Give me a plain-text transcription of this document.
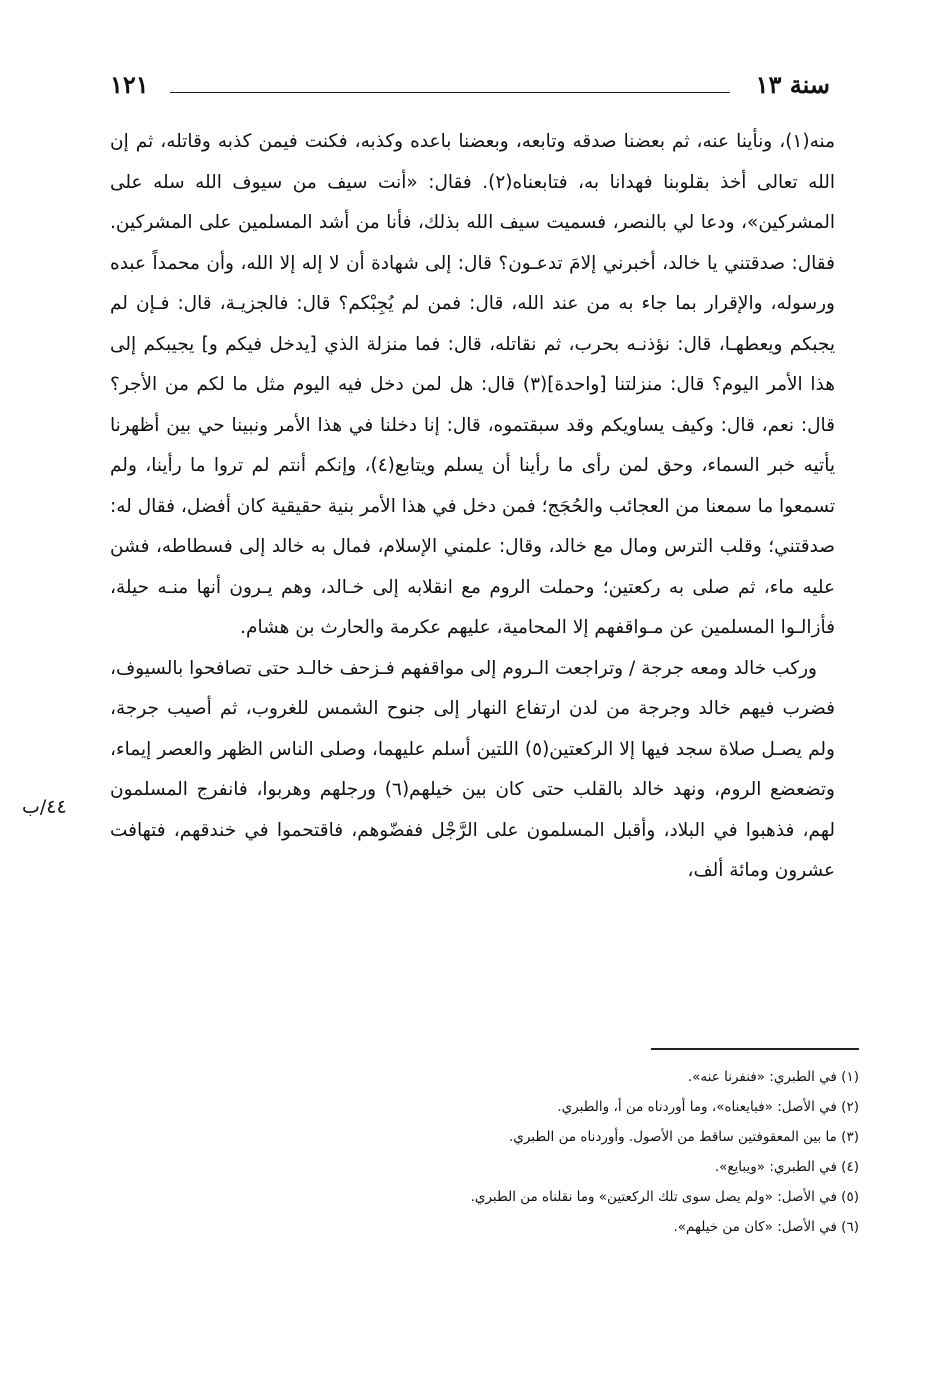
سنة ١٣
١٢١

منه(١)، ونأينا عنه، ثم بعضنا صدقه وتابعه، وبعضنا باعده وكذبه، فكنت فيمن كذبه وقاتله، ثم إن الله تعالى أخذ بقلوبنا فهدانا به، فتابعناه(٢). فقال: «أنت سيف من سيوف الله سله على المشركين»، ودعا لي بالنصر، فسميت سيف الله بذلك، فأنا من أشد المسلمين على المشركين. فقال: صدقتني يا خالد، أخبرني إلامَ تدعـون؟ قال: إلى شهادة أن لا إله إلا الله، وأن محمداً عبده ورسوله، والإقرار بما جاء به من عند الله، قال: فمن لم يُجِبْكم؟ قال: فالجزيـة، قال: فـإن لم يجبكم ويعطهـا، قال: نؤذنـه بحرب، ثم نقاتله، قال: فما منزلة الذي [يدخل فيكم و] يجيبكم إلى هذا الأمر اليوم؟ قال: منزلتنا [واحدة](٣) قال: هل لمن دخل فيه اليوم مثل ما لكم من الأجر؟ قال: نعم، قال: وكيف يساويكم وقد سبقتموه، قال: إنا دخلنا في هذا الأمر ونبينا حي بين أظهرنا يأتيه خبر السماء، وحق لمن رأى ما رأينا أن يسلم ويتابع(٤)، وإنكم أنتم لم تروا ما رأينا، ولم تسمعوا ما سمعنا من العجائب والحُجَج؛ فمن دخل في هذا الأمر بنية حقيقية كان أفضل، فقال له: صدقتني؛ وقلب الترس ومال مع خالد، وقال: علمني الإسلام، فمال به خالد إلى فسطاطه، فشن عليه ماء، ثم صلى به ركعتين؛ وحملت الروم مع انقلابه إلى خـالد، وهم يـرون أنها منـه حيلة، فأزالـوا المسلمين عن مـواقفهم إلا المحامية، عليهم عكرمة والحارث بن هشام.

وركب خالد ومعه جرجة / وتراجعت الـروم إلى مواقفهم فـزحف خالـد حتى تصافحوا بالسيوف، فضرب فيهم خالد وجرجة من لدن ارتفاع النهار إلى جنوح الشمس للغروب، ثم أصيب جرجة، ولم يصـل صلاة سجد فيها إلا الركعتين(٥) اللتين أسلم عليهما، وصلى الناس الظهر والعصر إيماء، وتضعضع الروم، ونهد خالد بالقلب حتى كان بين خيلهم(٦) ورجلهم وهربوا، فانفرج المسلمون لهم، فذهبوا في البلاد، وأقبل المسلمون على الرَّجْل ففضّوهم، فاقتحموا في خندقهم، فتهافت عشرون ومائة ألف،

٤٤/ب
(١) في الطبري: «فنفرنا عنه».
(٢) في الأصل: «فبايعناه»، وما أوردناه من أ، والطبري.
(٣) ما بين المعقوفتين ساقط من الأصول. وأوردناه من الطبري.
(٤) في الطبري: «ويبايع».
(٥) في الأصل: «ولم يصل سوى تلك الركعتين» وما نقلناه من الطبري.
(٦) في الأصل: «كان من خيلهم».
